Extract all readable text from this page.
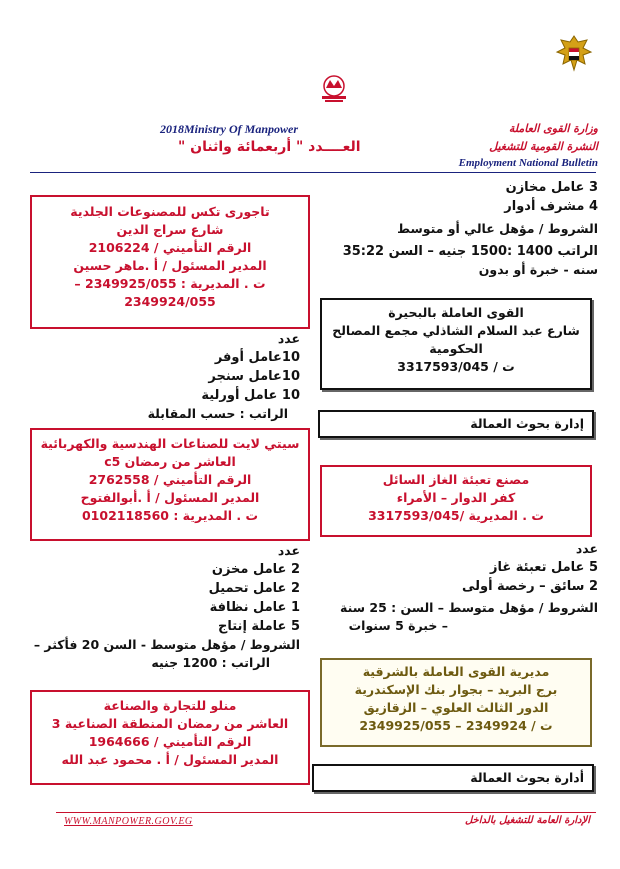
وزارة القوى العاملة
النشرة القومية للتشغيل
Employment National Bulletin
2018Ministry Of Manpower
العــــدد " أربعمائة واثنان "
تاجورى تكس للمصنوعات الجلدية
شارع سراج الدين
الرقم التأميني / 2106224
المدير المسئول / أ .ماهر حسين
ت . المديرية : 2349925/055 –
2349924/055
عدد
10عامل أوفر
10عامل سنجر
10 عامل أورلية
الراتب : حسب المقابلة
سيتي لايت للصناعات الهندسية والكهربائية
العاشر من رمضان c5
الرقم التأميني / 2762558
المدير المسئول / أ .أبوالفتوح
ت . المديرية : 0102118560
عدد
2 عامل مخزن
2 عامل تحميل
1 عامل نظافة
5 عاملة إنتاج
الشروط / مؤهل متوسط - السن 20 فأكثر –
الراتب : 1200 جنيه
منلو للتجارة والصناعة
العاشر من رمضان المنطقة الصناعية 3
الرقم التأميني / 1964666
المدير المسئول / أ . محمود عبد الله
3 عامل مخازن
4 مشرف أدوار
الشروط / مؤهل عالي أو متوسط
الراتب 1400 :1500 جنيه – السن 35:22
سنه - خبرة أو بدون
القوى العاملة بالبحيرة
شارع عبد السلام الشاذلي مجمع المصالح
الحكومية
ت / 3317593/045
إدارة بحوث العمالة
مصنع تعبئة الغاز السائل
كفر الدوار – الأمراء
ت . المديرية /3317593/045
عدد
5 عامل تعبئة غاز
2 سائق – رخصة أولى
الشروط / مؤهل متوسط – السن : 25 سنة
– خبرة 5 سنوات
مديرية القوى العاملة بالشرقية
برج البريد – بجوار بنك الإسكندرية
الدور الثالث العلوي – الزقازيق
ت / 2349924 – 2349925/055
أدارة بحوث العمالة
WWW.MANPOWER.GOV.EG	الإدارة العامة للتشغيل بالداخل
